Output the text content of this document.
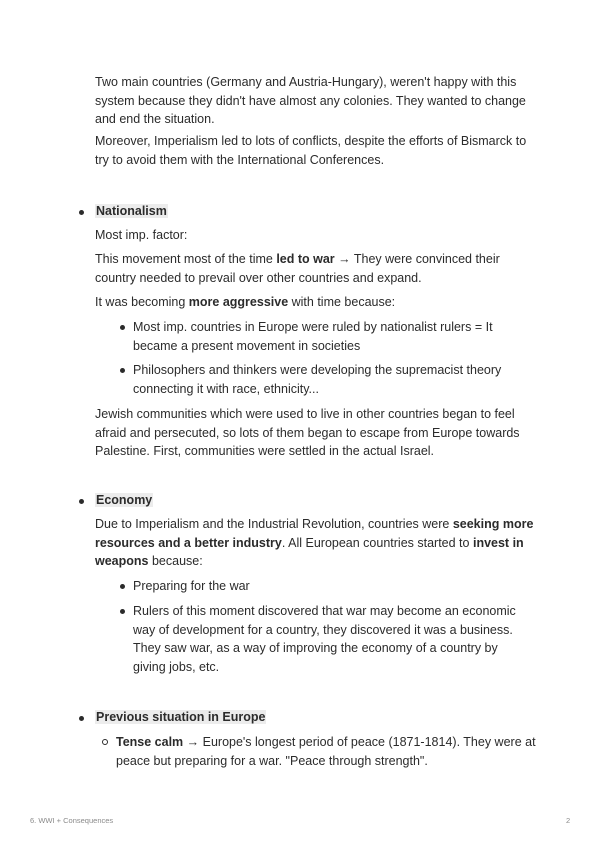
Two main countries (Germany and Austria-Hungary), weren't happy with this system because they didn't have almost any colonies. They wanted to change and end the situation.

Moreover, Imperialism led to lots of conflicts, despite the efforts of Bismarck to try to avoid them with the International Conferences.

Nationalism

Most imp. factor:

This movement most of the time led to war → They were convinced their country needed to prevail over other countries and expand.

It was becoming more aggressive with time because:

Most imp. countries in Europe were ruled by nationalist rulers = It became a present movement in societies

Philosophers and thinkers were developing the supremacist theory connecting it with race, ethnicity...

Jewish communities which were used to live in other countries began to feel afraid and persecuted, so lots of them began to escape from Europe towards Palestine. First, communities were settled in the actual Israel.

Economy

Due to Imperialism and the Industrial Revolution, countries were seeking more resources and a better industry. All European countries started to invest in weapons because:

Preparing for the war

Rulers of this moment discovered that war may become an economic way of development for a country, they discovered it was a business. They saw war, as a way of improving the economy of a country by giving jobs, etc.

Previous situation in Europe

Tense calm → Europe's longest period of peace (1871-1814). They were at peace but preparing for a war. "Peace through strength".

6. WWI + Consequences	2
